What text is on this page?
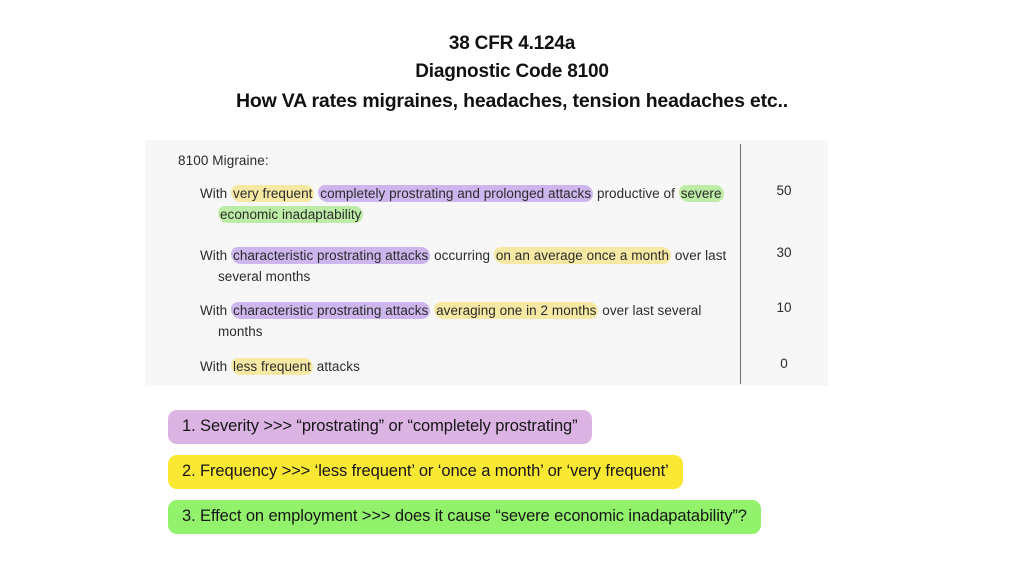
38 CFR 4.124a
Diagnostic Code 8100
How VA rates migraines, headaches, tension headaches etc..
8100 Migraine:
With very frequent completely prostrating and prolonged attacks productive of severe economic inadaptability
50
With characteristic prostrating attacks occurring on an average once a month over last several months
30
With characteristic prostrating attacks averaging one in 2 months over last several months
10
With less frequent attacks	0
1. Severity >>> “prostrating” or “completely prostrating”
2. Frequency >>> ‘less frequent’ or ‘once a month’ or ‘very frequent’
3. Effect on employment >>> does it cause “severe economic inadapatability”?
